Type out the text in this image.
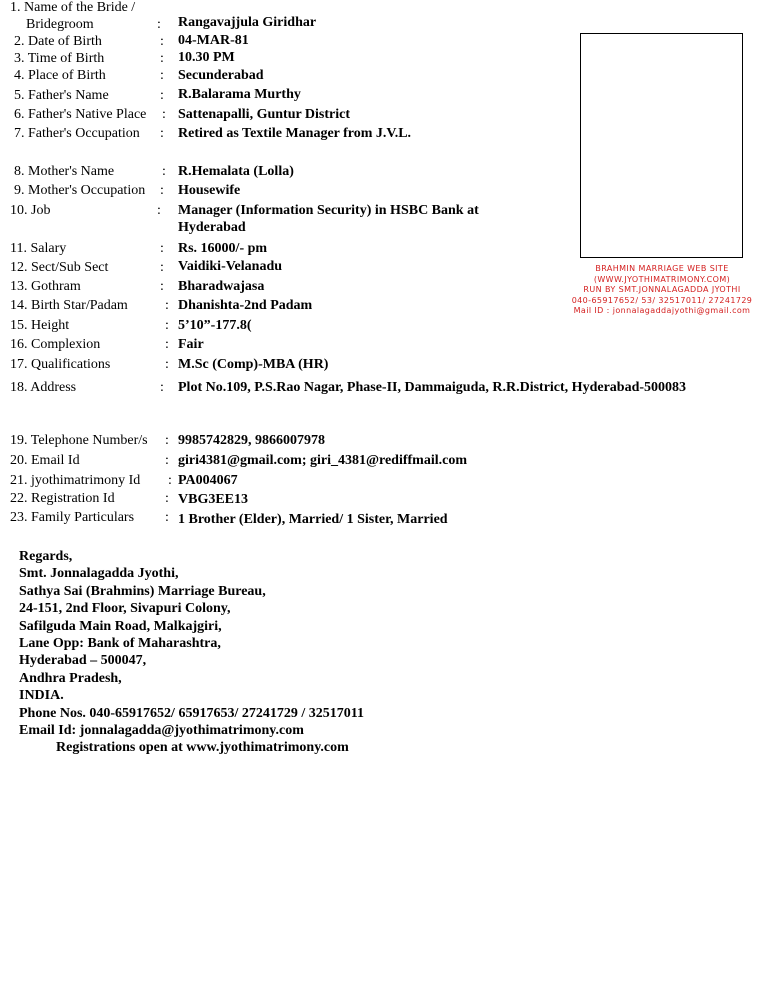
1. Name of the Bride /
Bridegroom	: Rangavajjula Giridhar
2. Date of Birth	: 04-MAR-81
3. Time of Birth	: 10.30 PM
4. Place of Birth	: Secunderabad
5. Father's Name	: R.Balarama Murthy
6. Father's Native Place : Sattenapalli, Guntur District
7. Father's Occupation : Retired as Textile Manager from J.V.L.
8. Mother's Name	: R.Hemalata (Lolla)
9. Mother's Occupation : Housewife
10. Job	: Manager (Information Security) in HSBC Bank at
Hyderabad
11. Salary	: Rs. 16000/- pm
12. Sect/Sub Sect	: Vaidiki-Velanadu
13. Gothram	: Bharadwajasa
14. Birth Star/Padam	: Dhanishta-2nd Padam
15. Height	: 5’10”-177.8(
16. Complexion	: Fair
17. Qualifications	: M.Sc (Comp)-MBA (HR)
18. Address	: Plot No.109, P.S.Rao Nagar, Phase-II, Dammaiguda, R.R.District, Hyderabad-500083
19. Telephone Number/s : 9985742829, 9866007978
20. Email Id	: giri4381@gmail.com; giri_4381@rediffmail.com
21. jyothimatrimony Id : PA004067
22. Registration Id	: VBG3EE13
23. Family Particulars : 1 Brother (Elder), Married/ 1 Sister, Married
BRAHMIN MARRIAGE WEB SITE
(WWW.JYOTHIMATRIMONY.COM)
RUN BY SMT.JONNALAGADDA JYOTHI
040-65917652/ 53/ 32517011/ 27241729
Mail ID : jonnalagaddajyothi@gmail.com
Regards,
Smt. Jonnalagadda Jyothi,
Sathya Sai (Brahmins) Marriage Bureau,
24-151, 2nd Floor, Sivapuri Colony,
Safilguda Main Road, Malkajgiri,
Lane Opp: Bank of Maharashtra,
Hyderabad – 500047,
Andhra Pradesh,
INDIA.
Phone Nos. 040-65917652/ 65917653/ 27241729 / 32517011
Email Id: jonnalagadda@jyothimatrimony.com
Registrations open at www.jyothimatrimony.com
